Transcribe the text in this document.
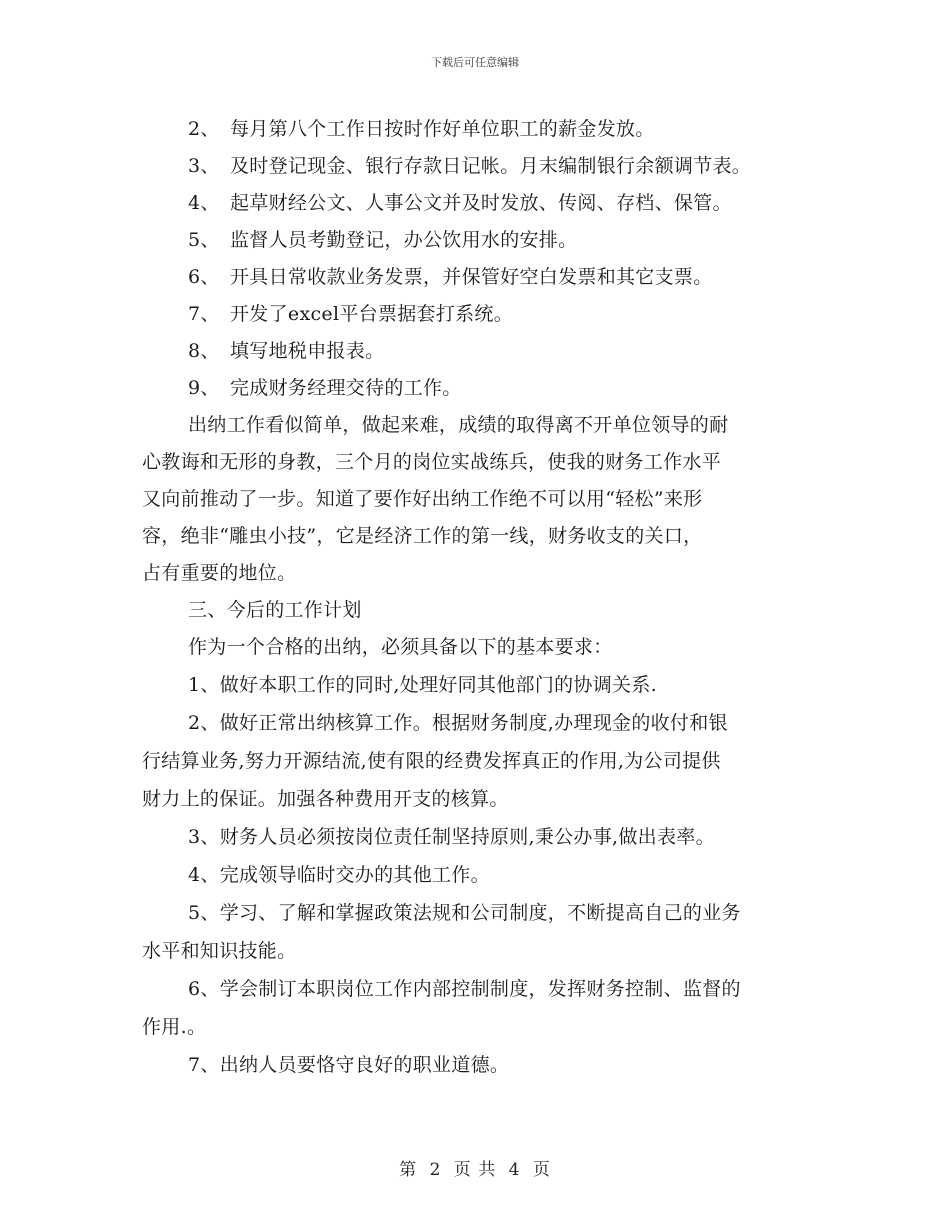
下载后可任意编辑
2、 每月第八个工作日按时作好单位职工的薪金发放。
3、 及时登记现金、银行存款日记帐。月末编制银行余额调节表。
4、 起草财经公文、人事公文并及时发放、传阅、存档、保管。
5、 监督人员考勤登记，办公饮用水的安排。
6、 开具日常收款业务发票，并保管好空白发票和其它支票。
7、 开发了excel平台票据套打系统。
8、 填写地税申报表。
9、 完成财务经理交待的工作。
出纳工作看似简单，做起来难，成绩的取得离不开单位领导的耐
心教诲和无形的身教，三个月的岗位实战练兵，使我的财务工作水平
又向前推动了一步。知道了要作好出纳工作绝不可以用“轻松”来形
容，绝非“雕虫小技”，它是经济工作的第一线，财务收支的关口，
占有重要的地位。
三、今后的工作计划
作为一个合格的出纳，必须具备以下的基本要求：
1、做好本职工作的同时,处理好同其他部门的协调关系.
2、做好正常出纳核算工作。根据财务制度,办理现金的收付和银
行结算业务,努力开源结流,使有限的经费发挥真正的作用,为公司提供
财力上的保证。加强各种费用开支的核算。
3、财务人员必须按岗位责任制坚持原则,秉公办事,做出表率。
4、完成领导临时交办的其他工作。
5、学习、了解和掌握政策法规和公司制度，不断提高自己的业务
水平和知识技能。
6、学会制订本职岗位工作内部控制制度，发挥财务控制、监督的
作用.。
7、出纳人员要恪守良好的职业道德。
第 2 页 共 4 页
